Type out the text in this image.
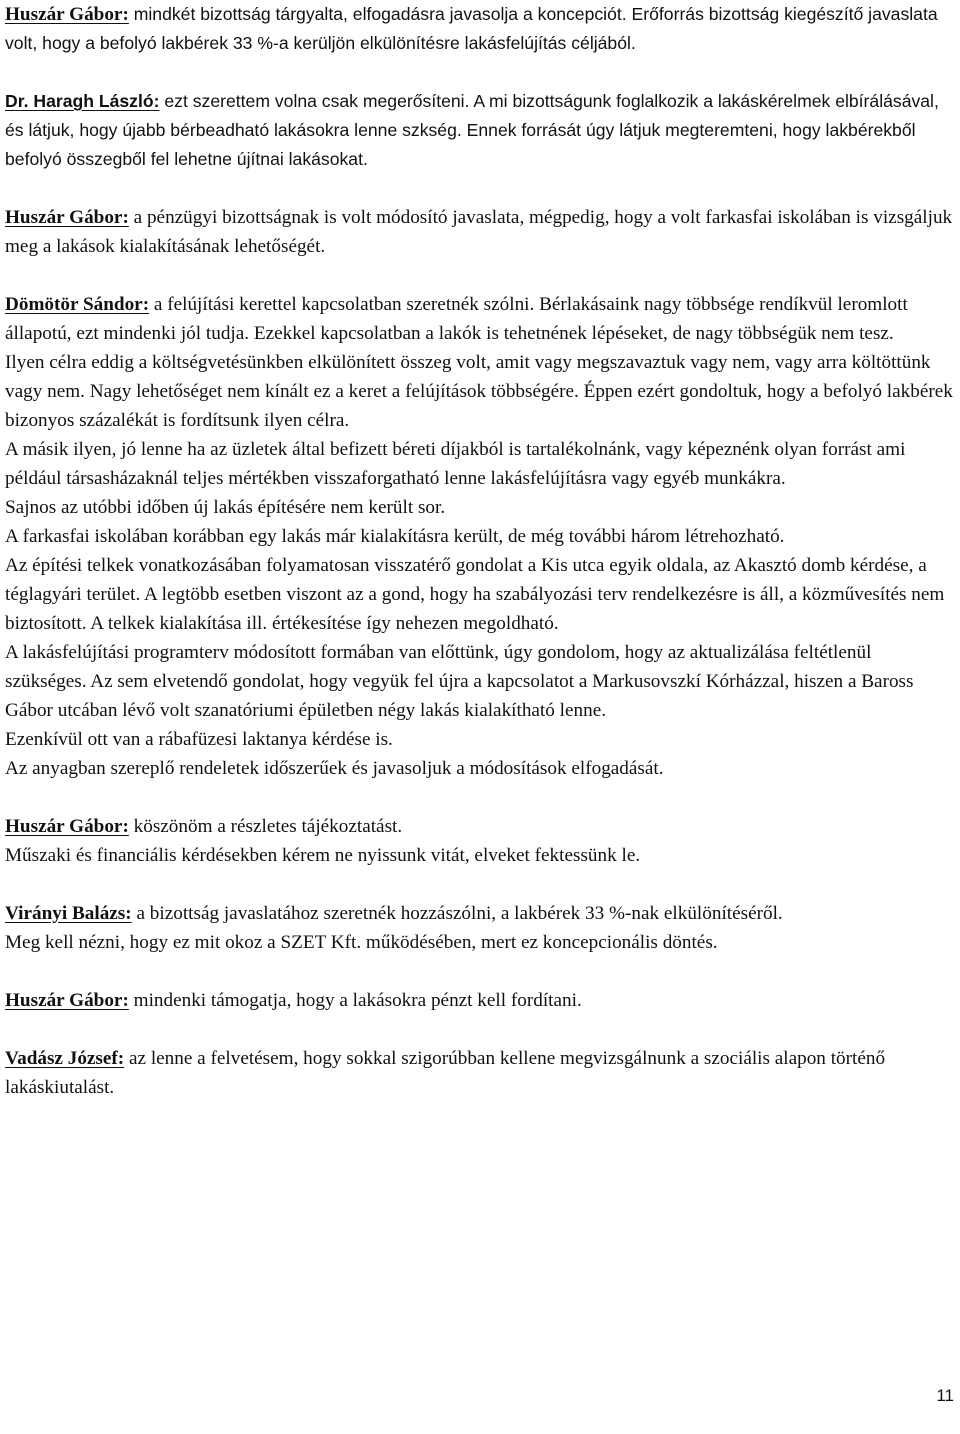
Huszár Gábor: mindkét bizottság tárgyalta, elfogadásra javasolja a koncepciót. Erőforrás bizottság kiegészítő javaslata volt, hogy a befolyó lakbérek 33 %-a kerüljön elkülönítésre lakásfelújítás céljából.

Dr. Haragh László: ezt szerettem volna csak megerősíteni. A mi bizottságunk foglalkozik a lakáskérelmek elbírálásával, és látjuk, hogy újabb bérbeadható lakásokra lenne szkség. Ennek forrását úgy látjuk megteremteni, hogy lakbérekből befolyó összegből fel lehetne újítnai lakásokat.

Huszár Gábor: a pénzügyi bizottságnak is volt módosító javaslata, mégpedig, hogy a volt farkasfai iskolában is vizsgáljuk meg a lakások kialakításának lehetőségét.

Dömötör Sándor: a felújítási kerettel kapcsolatban szeretnék szólni. Bérlakásaink nagy többsége rendíkvül leromlott állapotú, ezt mindenki jól tudja. Ezekkel kapcsolatban a lakók is tehetnének lépéseket, de nagy többségük nem tesz.

Ilyen célra eddig a költségvetésünkben elkülönített összeg volt, amit vagy megszavaztuk vagy nem, vagy arra költöttünk vagy nem. Nagy lehetőséget nem kínált ez a keret a felújítások többségére. Éppen ezért gondoltuk, hogy a befolyó lakbérek bizonyos százalékát is fordítsunk ilyen célra.

A másik ilyen, jó lenne ha az üzletek által befizett béreti díjakból is tartalékolnánk, vagy képeznénk olyan forrást ami például társasházaknál teljes mértékben visszaforgatható lenne lakásfelújításra vagy egyéb munkákra.

Sajnos az utóbbi időben új lakás építésére nem került sor.

A farkasfai iskolában korábban egy lakás már kialakításra került, de még további három létrehozható.

Az építési telkek vonatkozásában folyamatosan visszatérő gondolat a Kis utca egyik oldala, az Akasztó domb kérdése, a téglagyári terület. A legtöbb esetben viszont az a gond, hogy ha szabályozási terv rendelkezésre is áll, a közművesítés nem biztosított. A telkek kialakítása ill. értékesítése így nehezen megoldható.

A lakásfelújítási programterv módosított formában van előttünk, úgy gondolom, hogy az aktualizálása feltétlenül szükséges. Az sem elvetendő gondolat, hogy vegyük fel újra a kapcsolatot a Markusovszkí Kórházzal, hiszen a Baross Gábor utcában lévő volt szanatóriumi épületben négy lakás kialakítható lenne.

Ezenkívül ott van a rábafüzesi laktanya kérdése is.

Az anyagban szereplő rendeletek időszerűek és javasoljuk a módosítások elfogadását.

Huszár Gábor: köszönöm a részletes tájékoztatást.

Műszaki és financiális kérdésekben kérem ne nyissunk vitát, elveket fektessünk le.

Virányi Balázs: a bizottság javaslatához szeretnék hozzászólni, a lakbérek 33 %-nak elkülönítéséről.

Meg kell nézni, hogy ez mit okoz a SZET Kft. működésében, mert ez koncepcionális döntés.

Huszár Gábor: mindenki támogatja, hogy a lakásokra pénzt kell fordítani.

Vadász József: az lenne a felvetésem, hogy sokkal szigorúbban kellene megvizsgálnunk a szociális alapon történő lakáskiutalást.

11
